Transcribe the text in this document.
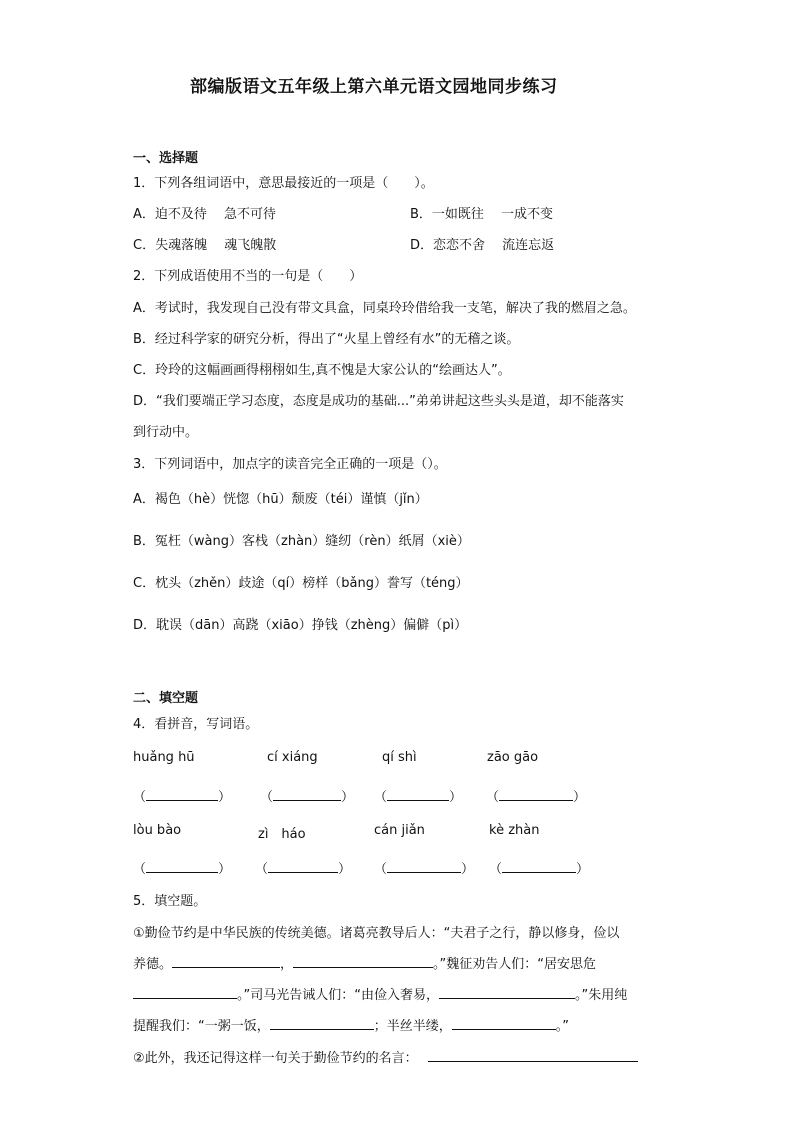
部编版语文五年级上第六单元语文园地同步练习
一、选择题
1．下列各组词语中，意思最接近的一项是（　　）。
A．迫不及待　 急不可待	B．一如既往　 一成不变
C．失魂落魄　 魂飞魄散	D．恋恋不舍　 流连忘返
2．下列成语使用不当的一句是（　　）
A．考试时，我发现自己没有带文具盒，同桌玲玲借给我一支笔，解决了我的燃眉之急。
B．经过科学家的研究分析，得出了“火星上曾经有水”的无稽之谈。
C．玲玲的这幅画画得栩栩如生,真不愧是大家公认的“绘画达人”。
D．“我们要端正学习态度，态度是成功的基础...”弟弟讲起这些头头是道，却不能落实
到行动中。
3．下列词语中，加点字的读音完全正确的一项是（）。
A．褐色（hè）恍惚（hū）颓废（téi）谨慎（jǐn）
B．冤枉（wàng）客栈（zhàn）缝纫（rèn）纸屑（xiè）
C．枕头（zhěn）歧途（qí）榜样（bǎng）誊写（téng）
D．耽误（dān）高跷（xiāo）挣钱（zhèng）偏僻（pì）
二、填空题
4．看拼音，写词语。
huǎng hū	cí xiáng	qí shì	zāo gāo
（	） （	） （	） （	）
lòu bào	zì　háo	cán jiǎn	kè zhàn
（	） （	） （	） （	）
5．填空题。
①勤俭节约是中华民族的传统美德。诸葛亮教导后人：“夫君子之行，静以修身，俭以
养德。	，	。”魏征劝告人们：“居安思危
。”司马光告诫人们：“由俭入奢易，	。”朱用纯
提醒我们：“一粥一饭，	；半丝半缕，	。”
②此外，我还记得这样一句关于勤俭节约的名言：
